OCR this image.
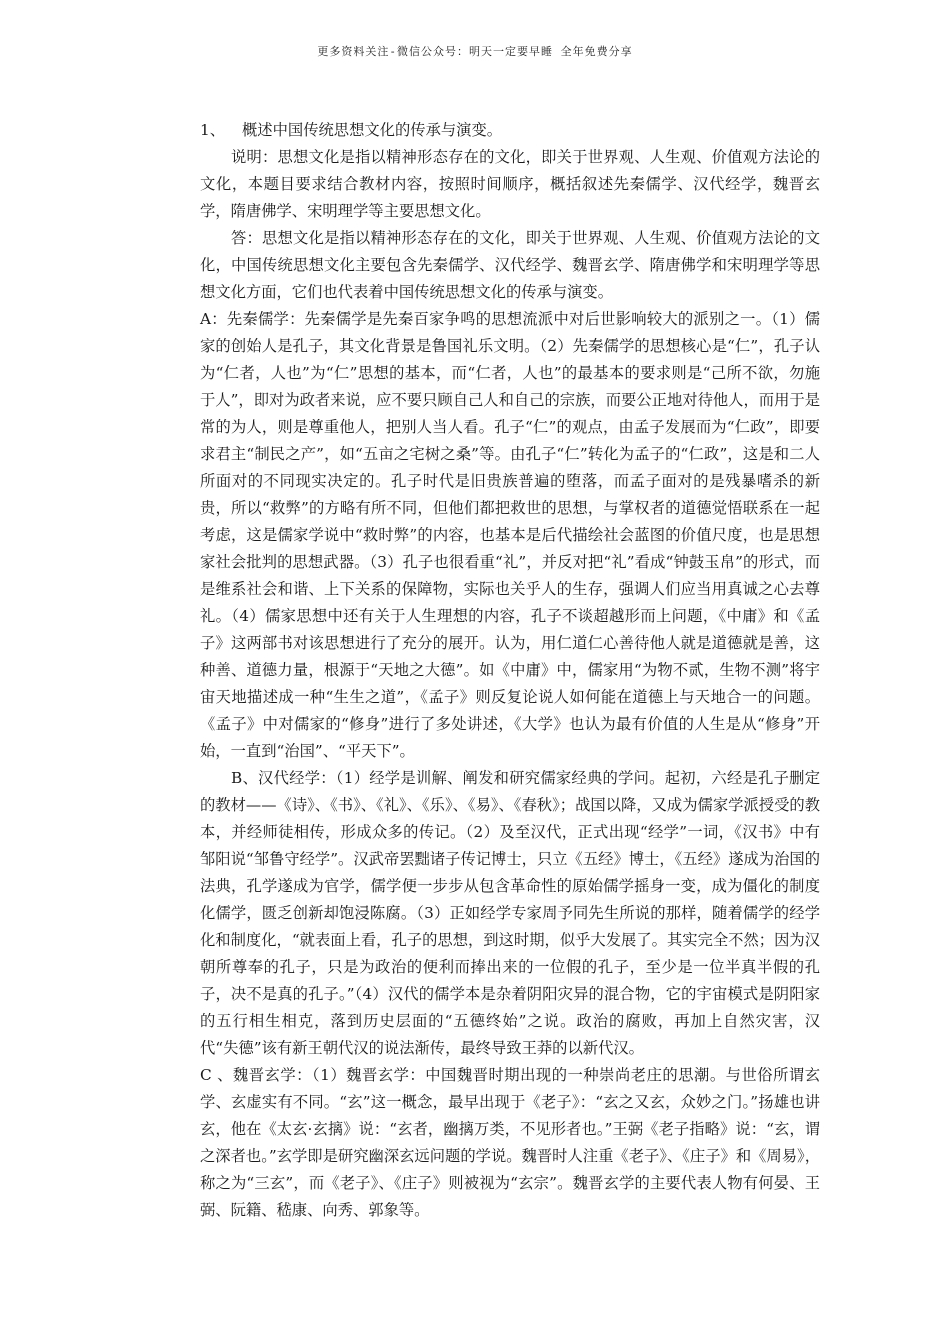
更多资料关注-微信公众号：明天一定要早睡 全年免费分享

1、	概述中国传统思想文化的传承与演变。

说明：思想文化是指以精神形态存在的文化，即关于世界观、人生观、价值观方法论的文化，本题目要求结合教材内容，按照时间顺序，概括叙述先秦儒学、汉代经学，魏晋玄学，隋唐佛学、宋明理学等主要思想文化。

答：思想文化是指以精神形态存在的文化，即关于世界观、人生观、价值观方法论的文化，中国传统思想文化主要包含先秦儒学、汉代经学、魏晋玄学、隋唐佛学和宋明理学等思想文化方面，它们也代表着中国传统思想文化的传承与演变。

A：先秦儒学：先秦儒学是先秦百家争鸣的思想流派中对后世影响较大的派别之一。（1）儒家的创始人是孔子，其文化背景是鲁国礼乐文明。（2）先秦儒学的思想核心是“仁”，孔子认为“仁者，人也”为“仁”思想的基本，而“仁者，人也”的最基本的要求则是“己所不欲，勿施于人”，即对为政者来说，应不要只顾自己人和自己的宗族，而要公正地对待他人，而用于是常的为人，则是尊重他人，把别人当人看。孔子“仁”的观点，由孟子发展而为“仁政”，即要求君主“制民之产”，如“五亩之宅树之桑”等。由孔子“仁”转化为孟子的“仁政”，这是和二人所面对的不同现实决定的。孔子时代是旧贵族普遍的堕落，而孟子面对的是残暴嗜杀的新贵，所以“救弊”的方略有所不同，但他们都把救世的思想，与掌权者的道德觉悟联系在一起考虑，这是儒家学说中“救时弊”的内容，也基本是后代描绘社会蓝图的价值尺度，也是思想家社会批判的思想武器。（3）孔子也很看重“礼”，并反对把“礼”看成“钟鼓玉帛”的形式，而是维系社会和谐、上下关系的保障物，实际也关乎人的生存，强调人们应当用真诚之心去尊礼。（4）儒家思想中还有关于人生理想的内容，孔子不谈超越形而上问题，《中庸》和《孟子》这两部书对该思想进行了充分的展开。认为，用仁道仁心善待他人就是道德就是善，这种善、道德力量，根源于“天地之大德”。如《中庸》中，儒家用“为物不贰，生物不测”将宇宙天地描述成一种“生生之道”，《孟子》则反复论说人如何能在道德上与天地合一的问题。《孟子》中对儒家的“修身”进行了多处讲述，《大学》也认为最有价值的人生是从“修身”开始，一直到“治国”、“平天下”。

B、汉代经学：（1）经学是训解、阐发和研究儒家经典的学问。起初，六经是孔子删定的教材——《诗》、《书》、《礼》、《乐》、《易》、《春秋》；战国以降，又成为儒家学派授受的教本，并经师徒相传，形成众多的传记。（2）及至汉代，正式出现“经学”一词，《汉书》中有邹阳说“邹鲁守经学”。汉武帝罢黜诸子传记博士，只立《五经》博士，《五经》遂成为治国的法典，孔学遂成为官学，儒学便一步步从包含革命性的原始儒学摇身一变，成为僵化的制度化儒学，匮乏创新却饱浸陈腐。（3）正如经学专家周予同先生所说的那样，随着儒学的经学化和制度化，“就表面上看，孔子的思想，到这时期，似乎大发展了。其实完全不然；因为汉朝所尊奉的孔子，只是为政治的便利而捧出来的一位假的孔子，至少是一位半真半假的孔子，决不是真的孔子。”（4）汉代的儒学本是杂着阴阳灾异的混合物，它的宇宙模式是阴阳家的五行相生相克，落到历史层面的“五德终始”之说。政治的腐败，再加上自然灾害，汉代“失德”该有新王朝代汉的说法渐传，最终导致王莽的以新代汉。

C 、魏晋玄学：（1）魏晋玄学：中国魏晋时期出现的一种崇尚老庄的思潮。与世俗所谓玄学、玄虚实有不同。“玄”这一概念，最早出现于《老子》：“玄之又玄，众妙之门。”扬雄也讲玄，他在《太玄·玄摛》说：“玄者，幽摛万类，不见形者也。”王弼《老子指略》说：“玄，谓之深者也。”玄学即是研究幽深玄远问题的学说。魏晋时人注重《老子》、《庄子》和《周易》，称之为“三玄”，而《老子》、《庄子》则被视为“玄宗”。魏晋玄学的主要代表人物有何晏、王弼、阮籍、嵇康、向秀、郭象等。
